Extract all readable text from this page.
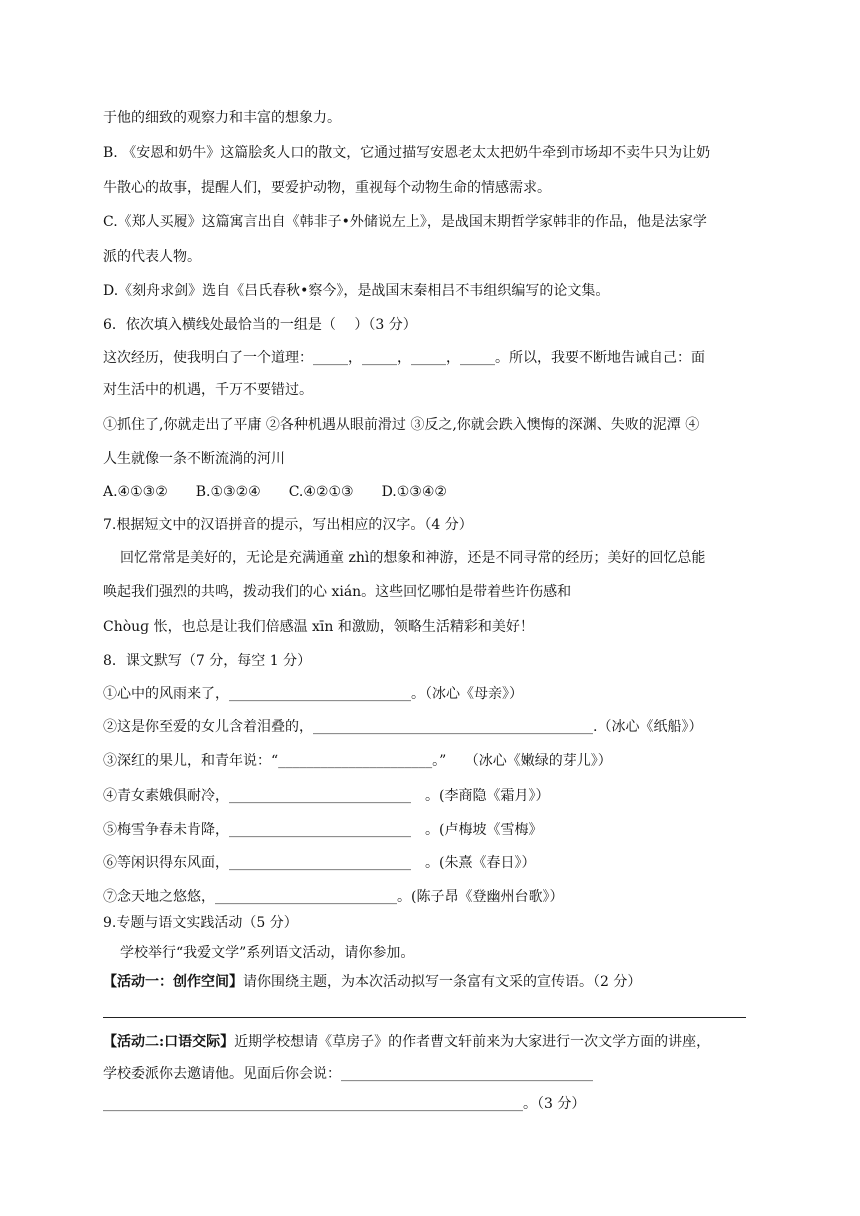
于他的细致的观察力和丰富的想象力。
B. 《安恩和奶牛》这篇脍炙人口的散文，它通过描写安恩老太太把奶牛牵到市场却不卖牛只为让奶
牛散心的故事，提醒人们，要爱护动物，重视每个动物生命的情感需求。
C.《郑人买履》这篇寓言出自《韩非子•外储说左上》，是战国末期哲学家韩非的作品，他是法家学
派的代表人物。
D.《刻舟求剑》选自《吕氏春秋•察今》，是战国末秦相吕不韦组织编写的论文集。
6．依次填入横线处最恰当的一组是（　 ）（3 分）
这次经历，使我明白了一个道理：_____，_____，_____，_____。所以，我要不断地告诫自己：面
对生活中的机遇，千万不要错过。
①抓住了,你就走出了平庸 ②各种机遇从眼前滑过 ③反之,你就会跌入懊悔的深渊、失败的泥潭 ④
人生就像一条不断流淌的河川
A.④①③②　　B.①③②④　　C.④②①③　　D.①③④②
7.根据短文中的汉语拼音的提示，写出相应的汉字。（4 分）
回忆常常是美好的，无论是充满通童 zhì的想象和神游，还是不同寻常的经历；美好的回忆总能
唤起我们强烈的共鸣，拨动我们的心 xián。这些回忆哪怕是带着些许伤感和
Chòuɡ 怅，也总是让我们倍感温 xīn 和激励，领略生活精彩和美好！
8．课文默写（7 分，每空 1 分）
①心中的风雨来了，__________________________。（冰心《母亲》）
②这是你至爱的女儿含着泪叠的，________________________________________.（冰心《纸船》）
③深红的果儿，和青年说：“______________________。”　 （冰心《嫩绿的芽儿》）
④青女素娥俱耐冷，__________________________　。(李商隐《霜月》）
⑤梅雪争春未肯降，__________________________　。(卢梅坡《雪梅》
⑥等闲识得东风面，__________________________　。(朱熹《春日》）
⑦念天地之悠悠，__________________________。(陈子昂《登幽州台歌》）
9.专题与语文实践活动（5 分）
学校举行“我爱文学”系列语文活动，请你参加。
【活动一：创作空间】请你围绕主题，为本次活动拟写一条富有文采的宣传语。（2 分）
【活动二:口语交际】近期学校想请《草房子》的作者曹文轩前来为大家进行一次文学方面的讲座，
学校委派你去邀请他。见面后你会说：____________________________________
____________________________________________________________。（3 分）
